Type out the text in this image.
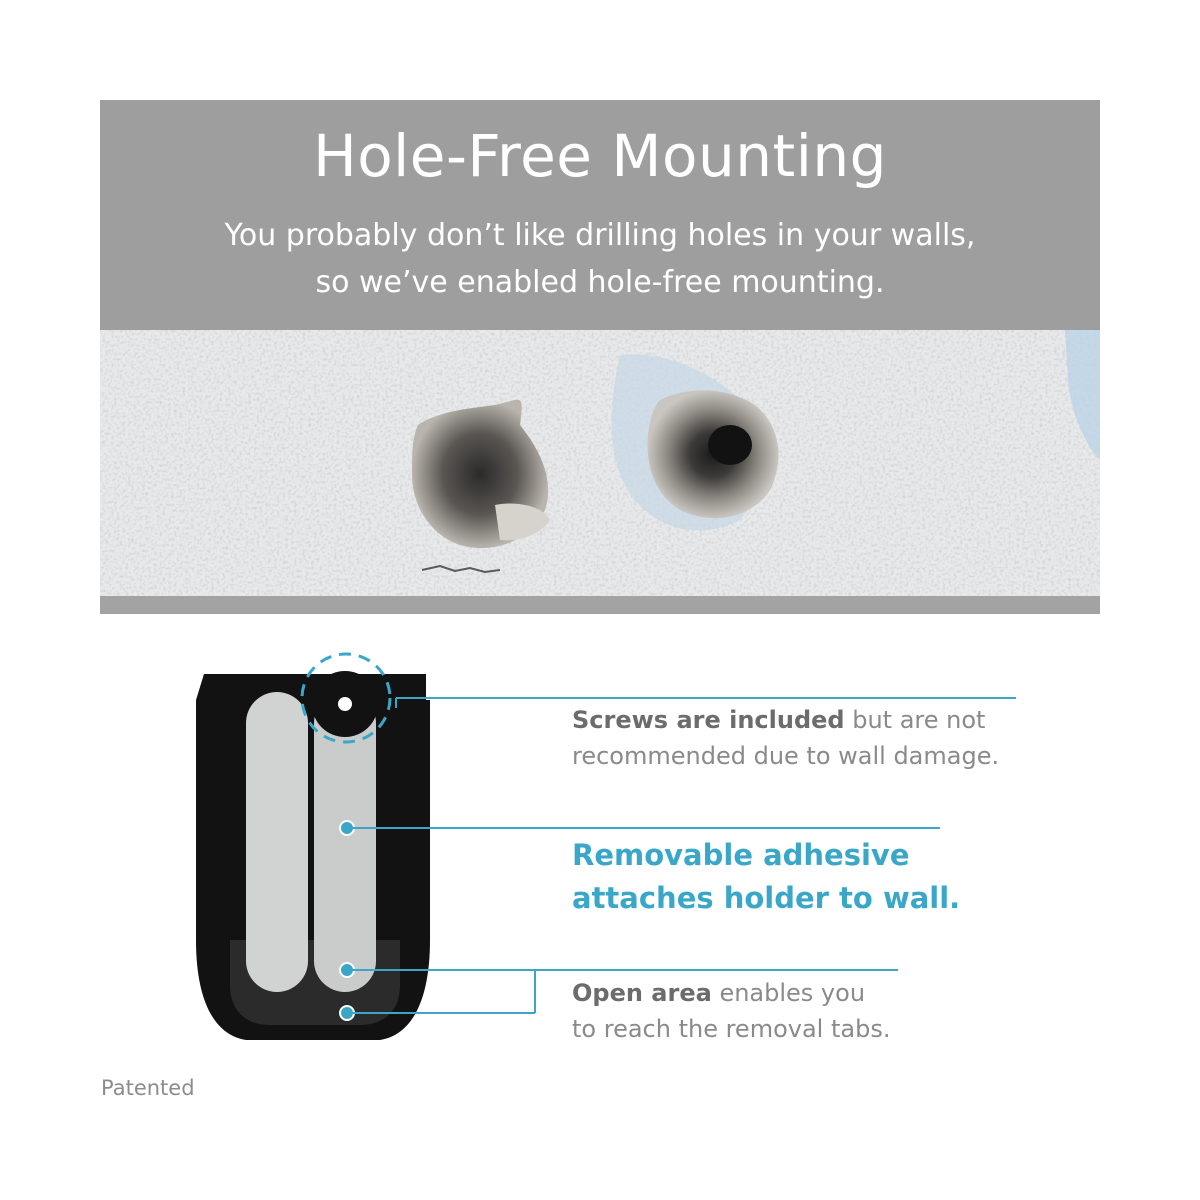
Hole-Free Mounting
You probably don’t like drilling holes in your walls,
so we’ve enabled hole-free mounting.
Screws are included but are not
recommended due to wall damage.
Removable adhesive
attaches holder to wall.
Open area enables you
to reach the removal tabs.
Patented
